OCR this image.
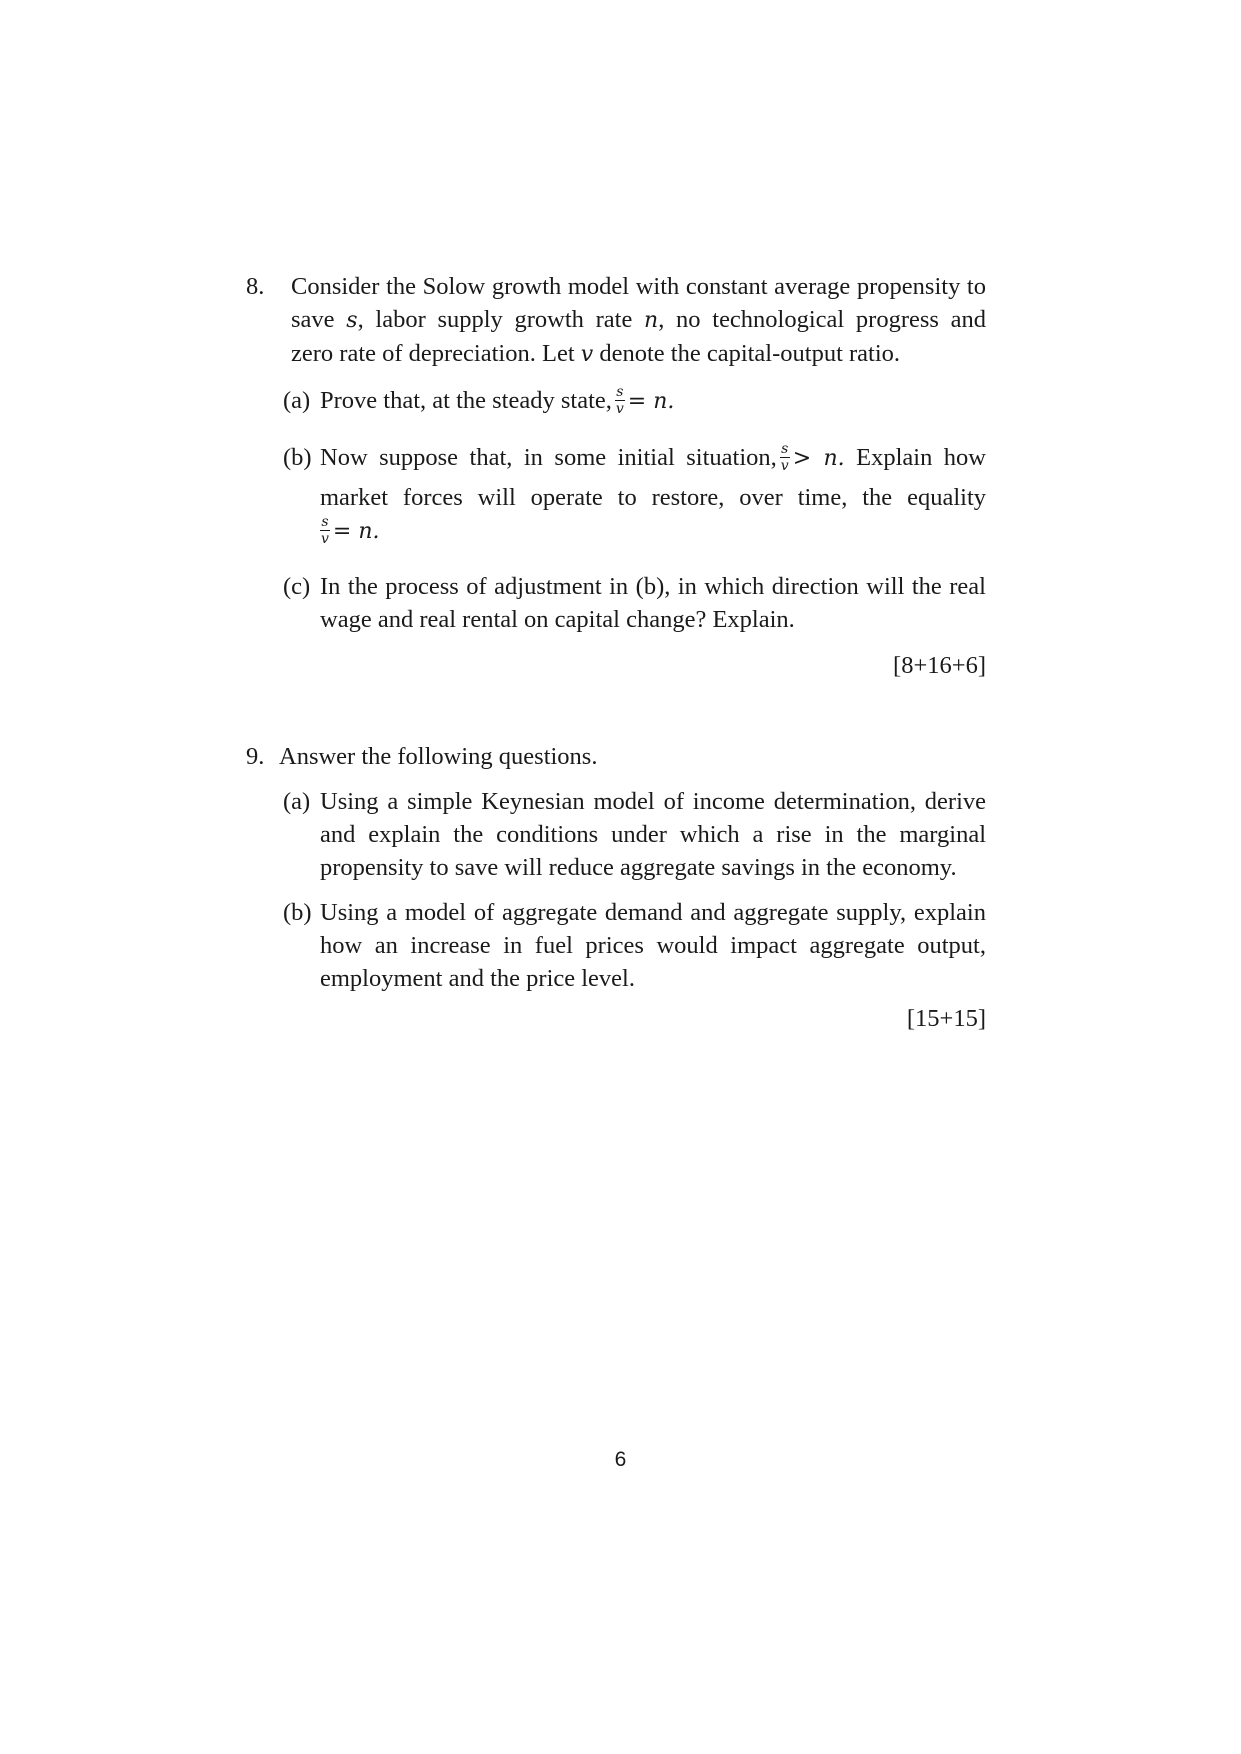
8. Consider the Solow growth model with constant average propensity to

save s, labor supply growth rate n, no technological progress and

zero rate of depreciation. Let v denote the capital-output ratio.

(a) Prove that, at the steady state, $\frac{s}{v} = n$.

(b) Now suppose that, in some initial situation, $\frac{s}{v} > n$. Explain how

market forces will operate to restore, over time, the equality

$\frac{s}{v} = n$.

(c) In the process of adjustment in (b), in which direction will the real

wage and real rental on capital change? Explain.

[8+16+6]
9. Answer the following questions.

(a) Using a simple Keynesian model of income determination, derive

and explain the conditions under which a rise in the marginal

propensity to save will reduce aggregate savings in the economy.

(b) Using a model of aggregate demand and aggregate supply, explain

how an increase in fuel prices would impact aggregate output,

employment and the price level.

[15+15]
6
